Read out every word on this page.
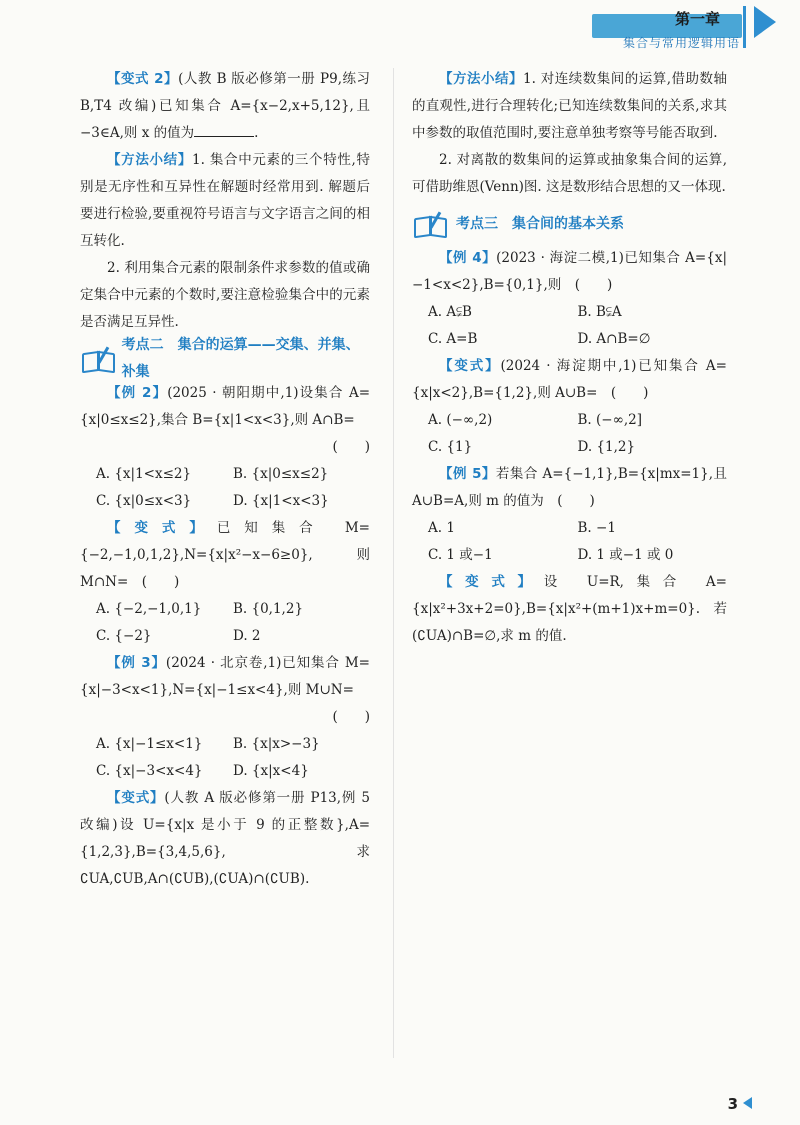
第一章
集合与常用逻辑用语

【变式 2】(人教 B 版必修第一册 P9,练习 B,T4 改编)已知集合 A={x−2,x+5,12},且−3∈A,则 x 的值为	.

【方法小结】1. 集合中元素的三个特性,特别是无序性和互异性在解题时经常用到. 解题后要进行检验,要重视符号语言与文字语言之间的相互转化.

2. 利用集合元素的限制条件求参数的值或确定集合中元素的个数时,要注意检验集合中的元素是否满足互异性.

考点二　集合的运算——交集、并集、补集

【例 2】(2025 · 朝阳期中,1)设集合 A={x|0≤x≤2},集合 B={x|1<x<3},则 A∩B=

(　　)
A. {x|1<x≤2}	B. {x|0≤x≤2}
C. {x|0≤x<3}	D. {x|1<x<3}

【变式】已知集合 M={−2,−1,0,1,2},N={x|x²−x−6≥0},则 M∩N=　 (　　)

A. {−2,−1,0,1}	B. {0,1,2}
C. {−2}	D. 2

【例 3】(2024 · 北京卷,1)已知集合 M={x|−3<x<1},N={x|−1≤x<4},则 M∪N=

(　　)
A. {x|−1≤x<1}	B. {x|x>−3}
C. {x|−3<x<4}	D. {x|x<4}

【变式】(人教 A 版必修第一册 P13,例 5 改编)设 U={x|x 是小于 9 的正整数},A={1,2,3},B={3,4,5,6},求∁UA,∁UB,A∩(∁UB),(∁UA)∩(∁UB).

【方法小结】1. 对连续数集间的运算,借助数轴的直观性,进行合理转化;已知连续数集间的关系,求其中参数的取值范围时,要注意单独考察等号能否取到.

2. 对离散的数集间的运算或抽象集合间的运算,可借助维恩(Venn)图. 这是数形结合思想的又一体现.

考点三　集合间的基本关系

【例 4】(2023 · 海淀二模,1)已知集合 A={x|−1<x<2},B={0,1},则　 (　　)

A. A⫋B	B. B⫋A
C. A=B	D. A∩B=∅

【变式】(2024 · 海淀期中,1)已知集合 A={x|x<2},B={1,2},则 A∪B=　 (　　)

A. (−∞,2)	B. (−∞,2]
C. {1}	D. {1,2}

【例 5】若集合 A={−1,1},B={x|mx=1},且 A∪B=A,则 m 的值为　 (　　)

A. 1	B. −1
C. 1 或−1	D. 1 或−1 或 0

【变式】设 U=R,集合 A={x|x²+3x+2=0},B={x|x²+(m+1)x+m=0}. 若(∁UA)∩B=∅,求 m 的值.

3
